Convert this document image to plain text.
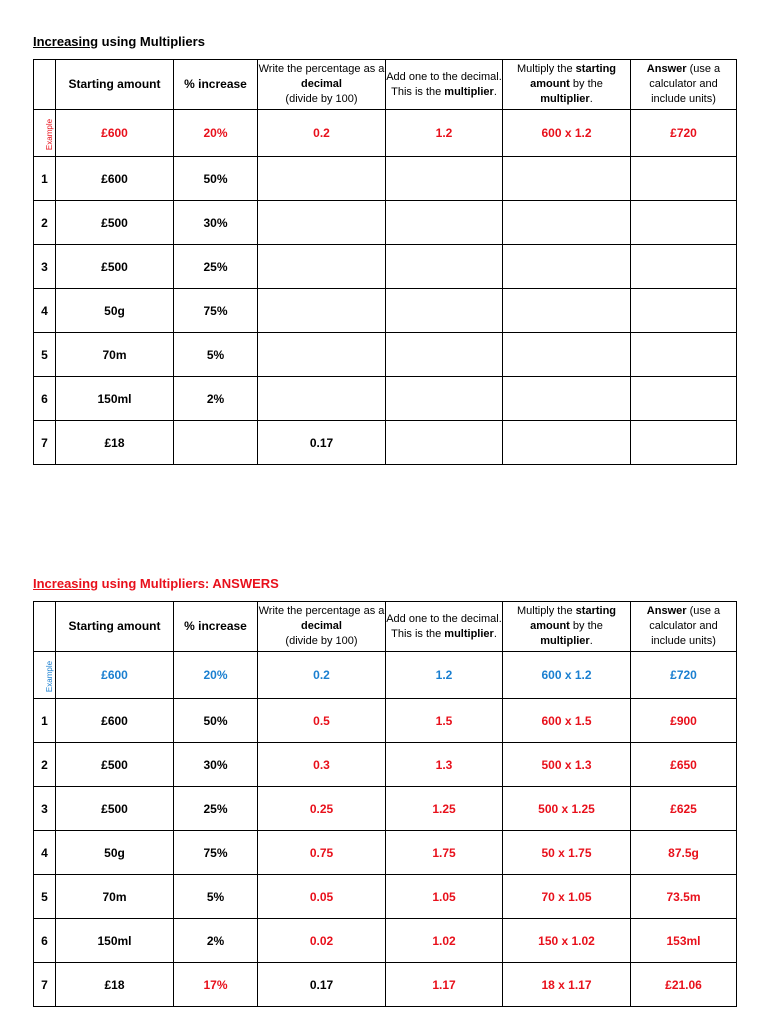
Increasing using Multipliers
	Starting amount	% increase	Write the percentage as a decimal
(divide by 100)	Add one to the decimal. This is the multiplier.	Multiply the starting amount by the multiplier.	Answer (use a calculator and include units)
Example	£600	20%	0.2	1.2	600 x 1.2	£720
1	£600	50%				
2	£500	30%				
3	£500	25%				
4	50g	75%				
5	70m	5%				
6	150ml	2%				
7	£18		0.17			
Increasing using Multipliers: ANSWERS
	Starting amount	% increase	Write the percentage as a decimal
(divide by 100)	Add one to the decimal. This is the multiplier.	Multiply the starting amount by the multiplier.	Answer (use a calculator and include units)
Example	£600	20%	0.2	1.2	600 x 1.2	£720
1	£600	50%	0.5	1.5	600 x 1.5	£900
2	£500	30%	0.3	1.3	500 x 1.3	£650
3	£500	25%	0.25	1.25	500 x 1.25	£625
4	50g	75%	0.75	1.75	50 x 1.75	87.5g
5	70m	5%	0.05	1.05	70 x 1.05	73.5m
6	150ml	2%	0.02	1.02	150 x 1.02	153ml
7	£18	17%	0.17	1.17	18 x 1.17	£21.06
